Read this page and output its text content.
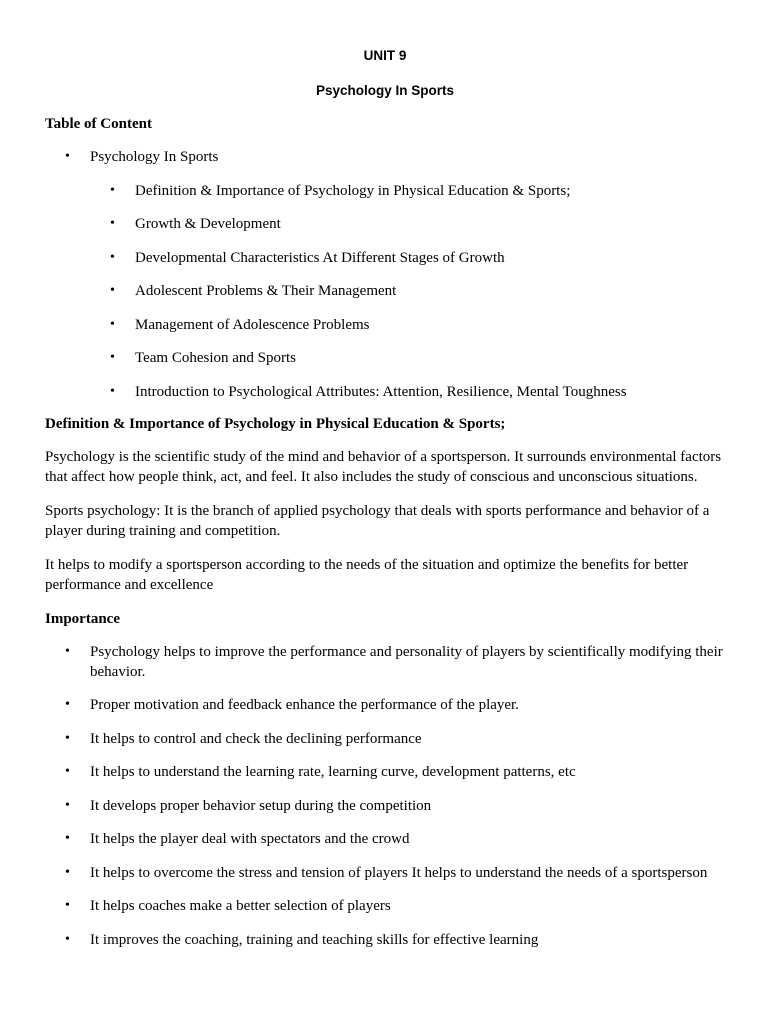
UNIT 9
Psychology In Sports
Table of Content
• Psychology In Sports
• Definition & Importance of Psychology in Physical Education & Sports;
• Growth & Development
• Developmental Characteristics At Different Stages of Growth
• Adolescent Problems & Their Management
• Management of Adolescence Problems
• Team Cohesion and Sports
• Introduction to Psychological Attributes: Attention, Resilience, Mental Toughness
Definition & Importance of Psychology in Physical Education & Sports;

Psychology is the scientific study of the mind and behavior of a sportsperson. It surrounds environmental factors that affect how people think, act, and feel. It also includes the study of conscious and unconscious situations.

Sports psychology: It is the branch of applied psychology that deals with sports performance and behavior of a player during training and competition.

It helps to modify a sportsperson according to the needs of the situation and optimize the benefits for better performance and excellence

Importance
• Psychology helps to improve the performance and personality of players by scientifically modifying their behavior.
• Proper motivation and feedback enhance the performance of the player.
• It helps to control and check the declining performance
• It helps to understand the learning rate, learning curve, development patterns, etc
• It develops proper behavior setup during the competition
• It helps the player deal with spectators and the crowd
• It helps to overcome the stress and tension of players It helps to understand the needs of a sportsperson
• It helps coaches make a better selection of players
• It improves the coaching, training and teaching skills for effective learning
